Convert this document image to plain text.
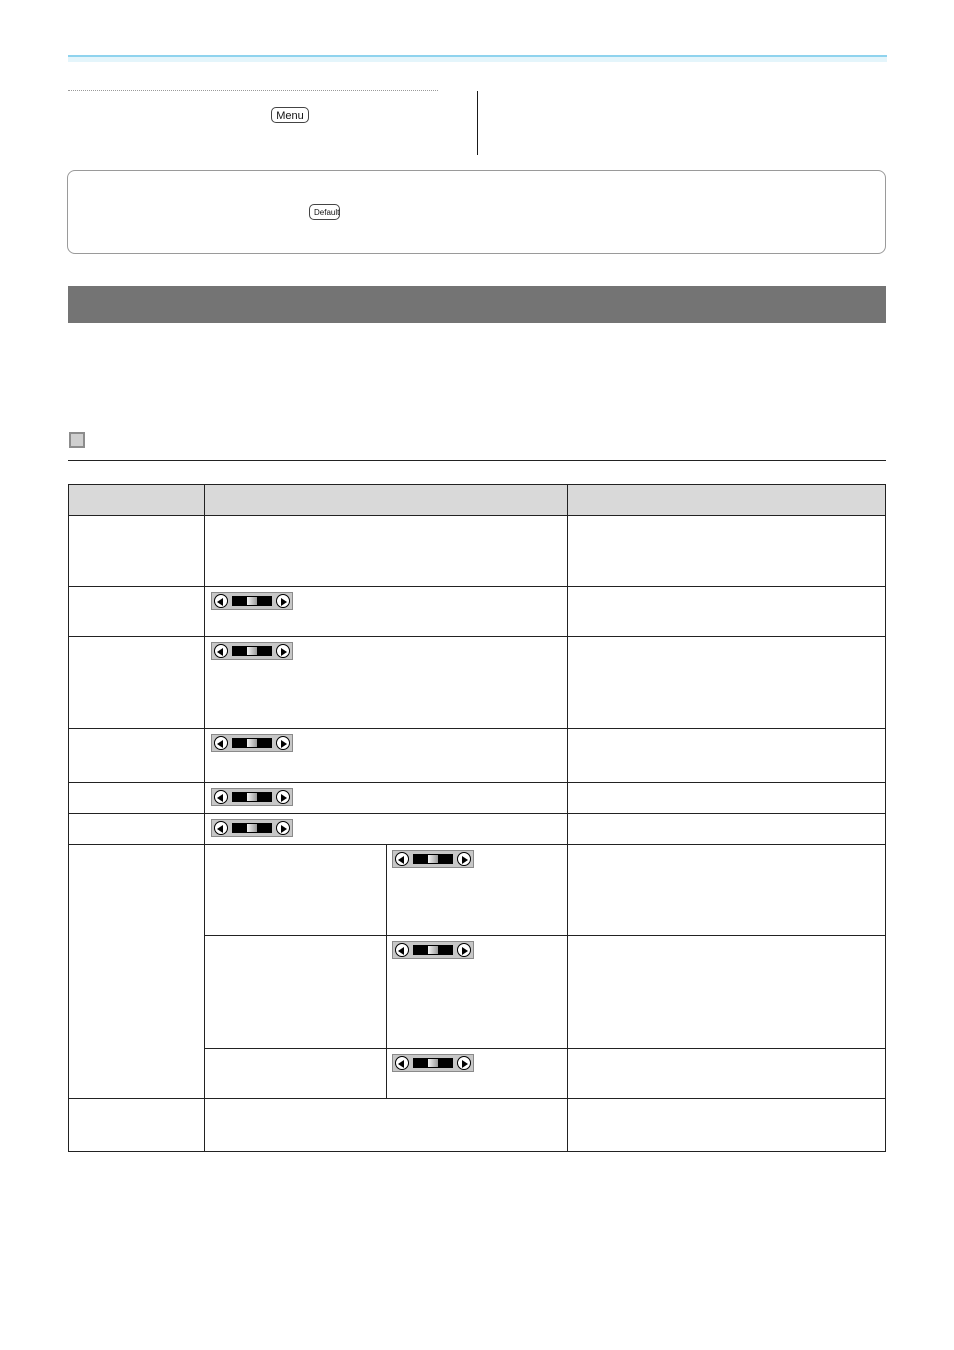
Menu
Default
